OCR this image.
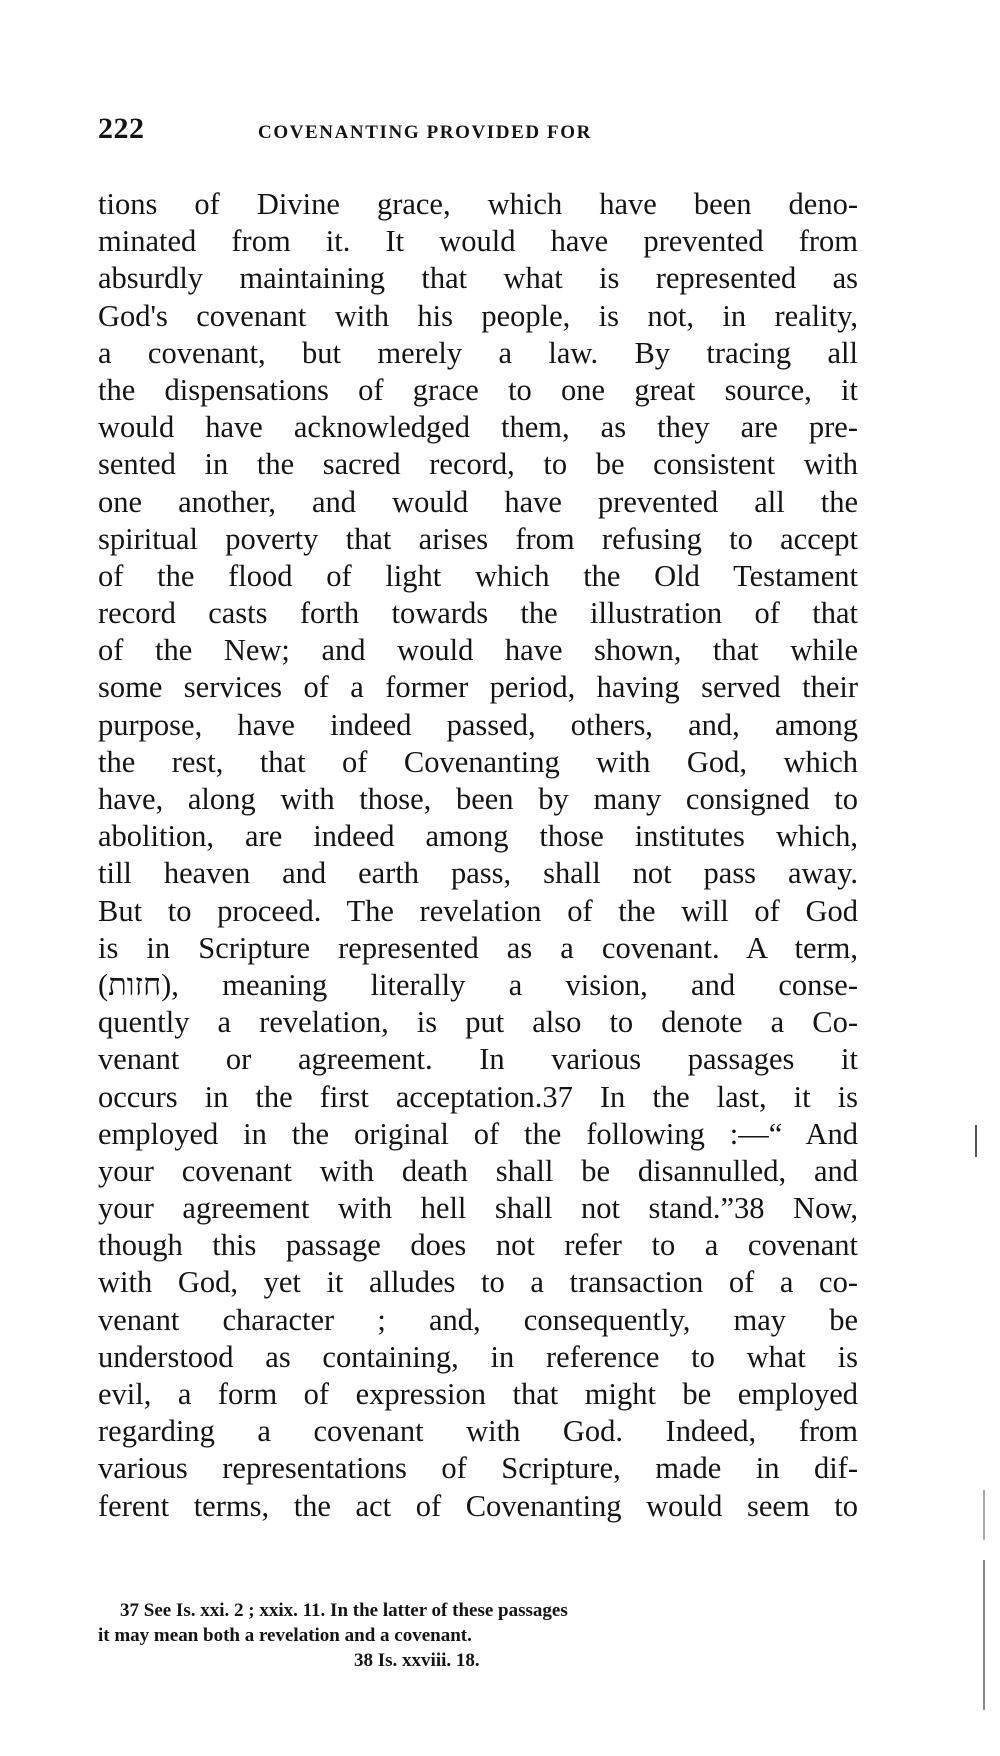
222	COVENANTING PROVIDED FOR
tions of Divine grace, which have been deno-
minated from it. It would have prevented from
absurdly maintaining that what is represented as
God's covenant with his people, is not, in reality,
a covenant, but merely a law. By tracing all
the dispensations of grace to one great source, it
would have acknowledged them, as they are pre-
sented in the sacred record, to be consistent with
one another, and would have prevented all the
spiritual poverty that arises from refusing to accept
of the flood of light which the Old Testament
record casts forth towards the illustration of that
of the New; and would have shown, that while
some services of a former period, having served their
purpose, have indeed passed, others, and, among
the rest, that of Covenanting with God, which
have, along with those, been by many consigned to
abolition, are indeed among those institutes which,
till heaven and earth pass, shall not pass away.
But to proceed. The revelation of the will of God
is in Scripture represented as a covenant. A term,
(חזות), meaning literally a vision, and conse-
quently a revelation, is put also to denote a Co-
venant or agreement. In various passages it
occurs in the first acceptation.37 In the last, it is
employed in the original of the following :—“ And
your covenant with death shall be disannulled, and
your agreement with hell shall not stand.”38 Now,
though this passage does not refer to a covenant
with God, yet it alludes to a transaction of a co-
venant character ; and, consequently, may be
understood as containing, in reference to what is
evil, a form of expression that might be employed
regarding a covenant with God. Indeed, from
various representations of Scripture, made in dif-
ferent terms, the act of Covenanting would seem to
37 See Is. xxi. 2 ; xxix. 11. In the latter of these passages
it may mean both a revelation and a covenant.
38 Is. xxviii. 18.
